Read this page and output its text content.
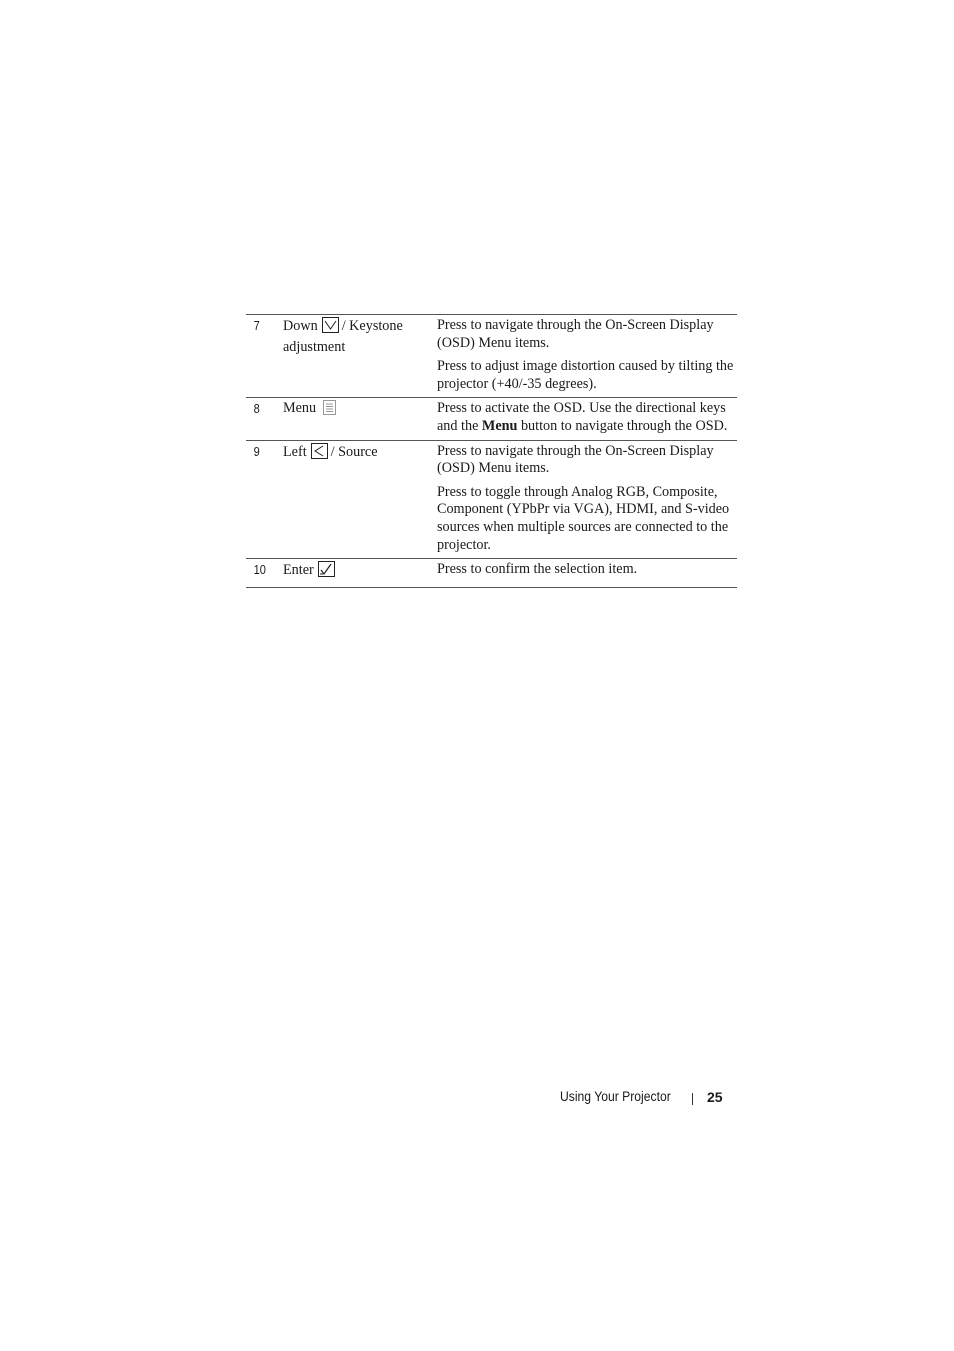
7	Down / Keystone adjustment	Press to navigate through the On-Screen Display (OSD) Menu items.

Press to adjust image distortion caused by tilting the projector (+40/-35 degrees).

8	Menu	Press to activate the OSD. Use the directional keys and the Menu button to navigate through the OSD.

9	Left / Source	Press to navigate through the On-Screen Display (OSD) Menu items.

Press to toggle through Analog RGB, Composite, Component (YPbPr via VGA), HDMI, and S-video sources when multiple sources are connected to the projector.

10	Enter	Press to confirm the selection item.

Using Your Projector	25
